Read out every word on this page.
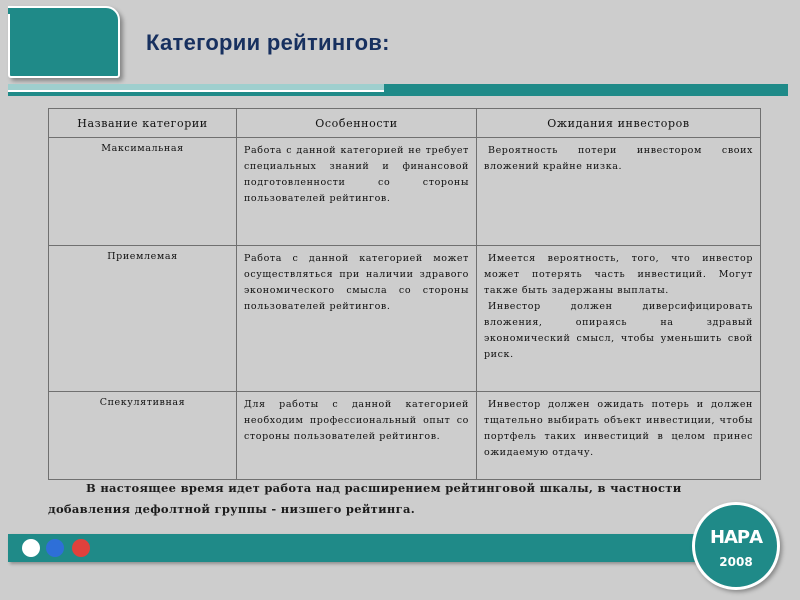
Категории рейтингов:
Название категории	Особенности	Ожидания инвесторов
Максимальная	Работа с данной категорией не требует специальных знаний и финансовой подготовленности со стороны пользователей рейтингов.	Вероятность потери инвестором своих вложений крайне низка.

Приемлемая	Работа с данной категорией может осуществляться при наличии здравого экономического смысла со стороны пользователей рейтингов.	Имеется вероятность, того, что инвестор может потерять часть инвестиций. Могут также быть задержаны выплаты.

Инвестор должен диверсифицировать вложения, опираясь на здравый экономический смысл, чтобы уменьшить свой риск.

Спекулятивная	Для работы с данной категорией необходим профессиональный опыт со стороны пользователей рейтингов.	Инвестор должен ожидать потерь и должен тщательно выбирать объект инвестиции, чтобы портфель таких инвестиций в целом принес ожидаемую отдачу.

В настоящее время идет работа над расширением рейтинговой шкалы, в частности добавления дефолтной группы - низшего рейтинга.
НАРА
2008
